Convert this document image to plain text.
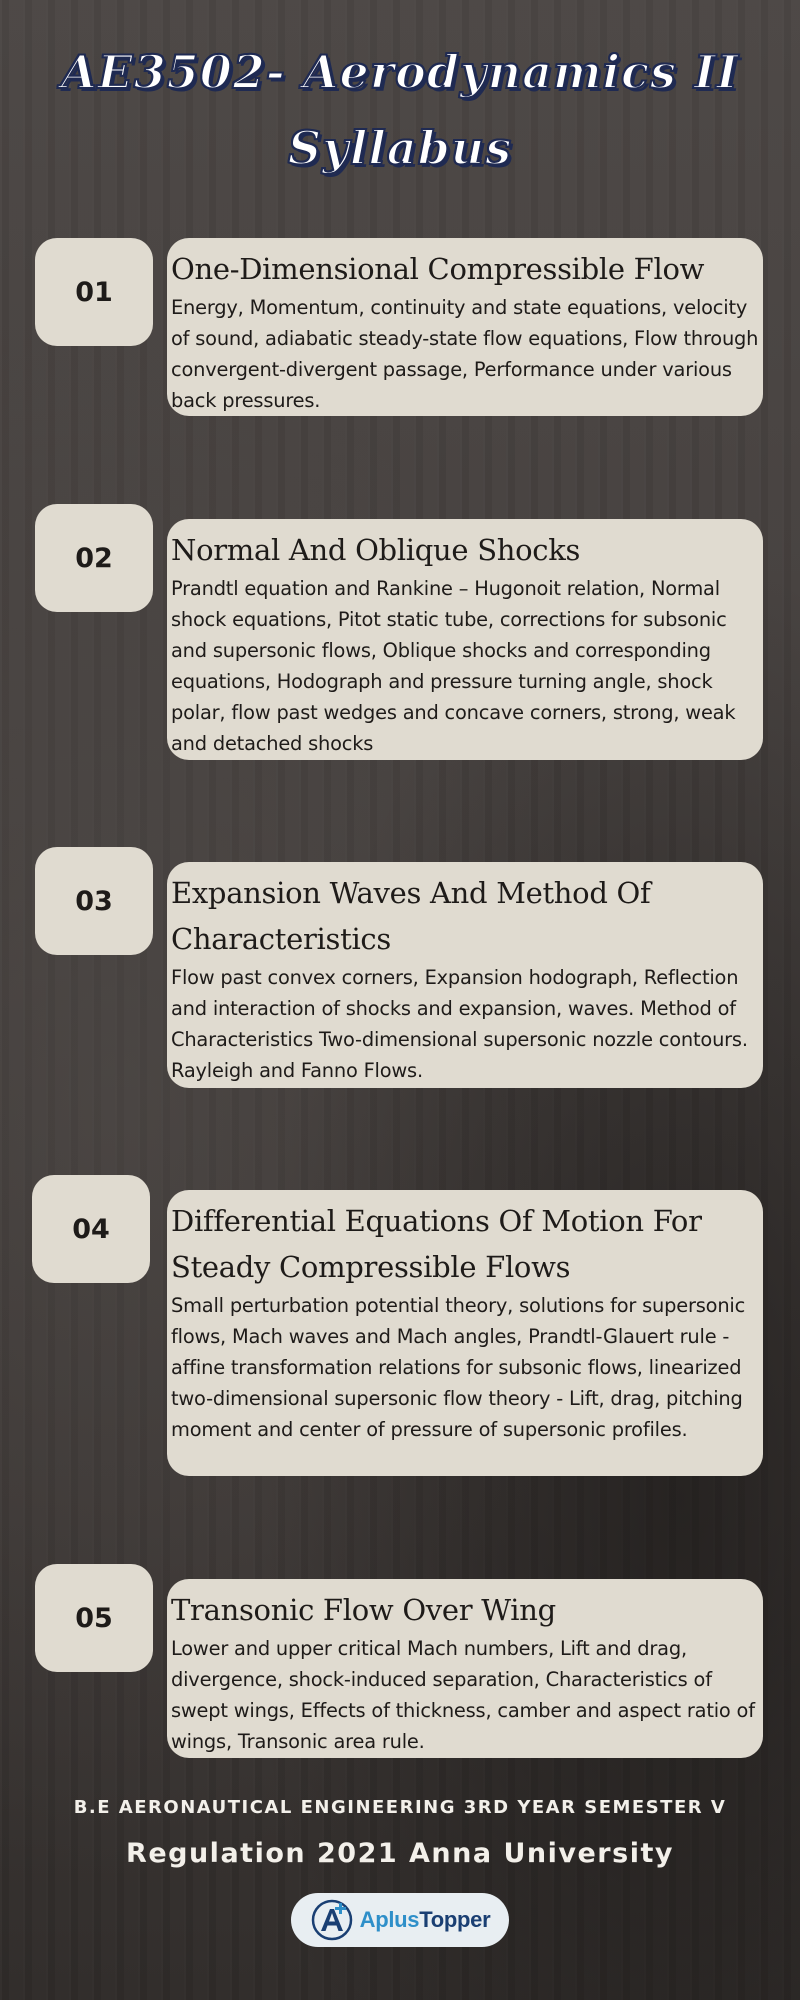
AE3502- Aerodynamics II
Syllabus
01

One-Dimensional Compressible Flow

Energy, Momentum, continuity and state equations, velocity of sound, adiabatic steady-state flow equations, Flow through convergent-divergent passage, Performance under various back pressures.

02 Normal And Oblique Shocks

Prandtl equation and Rankine – Hugonoit relation, Normal shock equations, Pitot static tube, corrections for subsonic and supersonic flows, Oblique shocks and corresponding equations, Hodograph and pressure turning angle, shock polar, flow past wedges and concave corners, strong, weak and detached shocks

03 Expansion Waves And Method Of Characteristics

Flow past convex corners, Expansion hodograph, Reflection and interaction of shocks and expansion, waves. Method of Characteristics Two-dimensional supersonic nozzle contours. Rayleigh and Fanno Flows.

04 Differential Equations Of Motion For Steady Compressible Flows

Small perturbation potential theory, solutions for supersonic flows, Mach waves and Mach angles, Prandtl-Glauert rule - affine transformation relations for subsonic flows, linearized two-dimensional supersonic flow theory - Lift, drag, pitching moment and center of pressure of supersonic profiles.

05 Transonic Flow Over Wing

Lower and upper critical Mach numbers, Lift and drag, divergence, shock-induced separation, Characteristics of swept wings, Effects of thickness, camber and aspect ratio of wings, Transonic area rule.

B.E AERONAUTICAL ENGINEERING 3RD YEAR SEMESTER V
Regulation 2021 Anna University
AplusTopper
